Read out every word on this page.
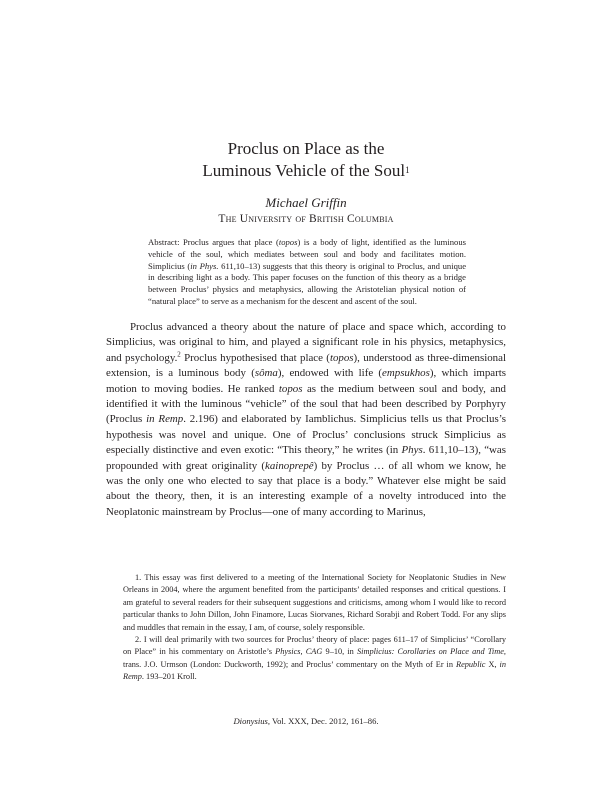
Proclus on Place as the
Luminous Vehicle of the Soul$^1$
Michael Griffin
The University of British Columbia
Abstract: Proclus argues that place (topos) is a body of light, identified as the luminous vehicle of the soul, which mediates between soul and body and facilitates motion. Simplicius (in Phys. 611,10–13) suggests that this theory is original to Proclus, and unique in describing light as a body. This paper focuses on the function of this theory as a bridge between Proclus’ physics and metaphysics, allowing the Aristotelian physical notion of “natural place” to serve as a mechanism for the descent and ascent of the soul.

Proclus advanced a theory about the nature of place and space which, according to Simplicius, was original to him, and played a significant role in his physics, metaphysics, and psychology.$^2$ Proclus hypothesised that place (topos), understood as three-dimensional extension, is a luminous body (sôma), endowed with life (empsukhos), which imparts motion to moving bodies. He ranked topos as the medium between soul and body, and identified it with the luminous “vehicle” of the soul that had been described by Porphyry (Proclus in Remp. 2.196) and elaborated by Iamblichus. Simplicius tells us that Proclus’s hypothesis was novel and unique. One of Proclus’ conclusions struck Simplicius as especially distinctive and even exotic: “This theory,” he writes (in Phys. 611,10–13), “was propounded with great originality (kainoprepê) by Proclus … of all whom we know, he was the only one who elected to say that place is a body.” Whatever else might be said about the theory, then, it is an interesting example of a novelty introduced into the Neoplatonic mainstream by Proclus—one of many according to Marinus,

1. This essay was first delivered to a meeting of the International Society for Neoplatonic Studies in New Orleans in 2004, where the argument benefited from the participants’ detailed responses and critical questions. I am grateful to several readers for their subsequent suggestions and criticisms, among whom I would like to record particular thanks to John Dillon, John Finamore, Lucas Siorvanes, Richard Sorabji and Robert Todd. For any slips and muddles that remain in the essay, I am, of course, solely responsible.

2. I will deal primarily with two sources for Proclus’ theory of place: pages 611–17 of Simplicius’ “Corollary on Place” in his commentary on Aristotle’s Physics, CAG 9–10, in Simplicius: Corollaries on Place and Time, trans. J.O. Urmson (London: Duckworth, 1992); and Proclus’ commentary on the Myth of Er in Republic X, in Remp. 193–201 Kroll.

Dionysius, Vol. XXX, Dec. 2012, 161–86.
